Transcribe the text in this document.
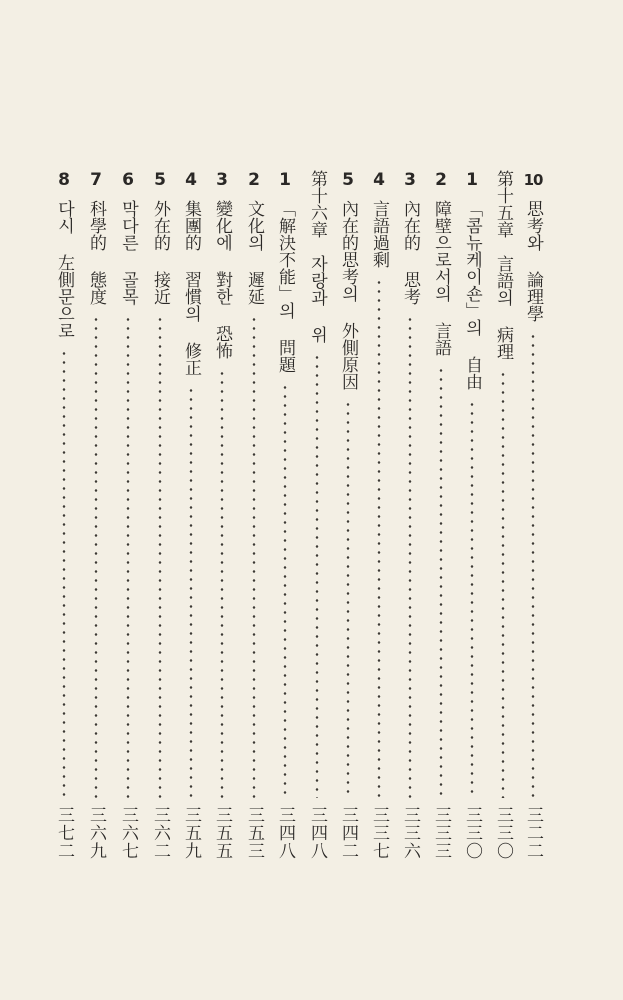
10
思考와 論理學
三二二
第十五章　言語의 病理
三三〇
1
「콤뉴케이숀」의 自由
三三〇
2
障壁으로서의 言語
三三三
3
內在的 思考
三三六
4
言語過剩
三三七
5
內在的思考의 外側原因
三四二
第十六章　자랑과 위
三四八
1
「解決不能」의 問題
三四八
2
文化의 遲延
三五三
3
變化에 對한 恐怖
三五五
4
集團的 習慣의 修正
三五九
5
外在的 接近
三六二
6
막다른 골목
三六七
7
科學的 態度
三六九
8
다시 左側문으로
三七二
